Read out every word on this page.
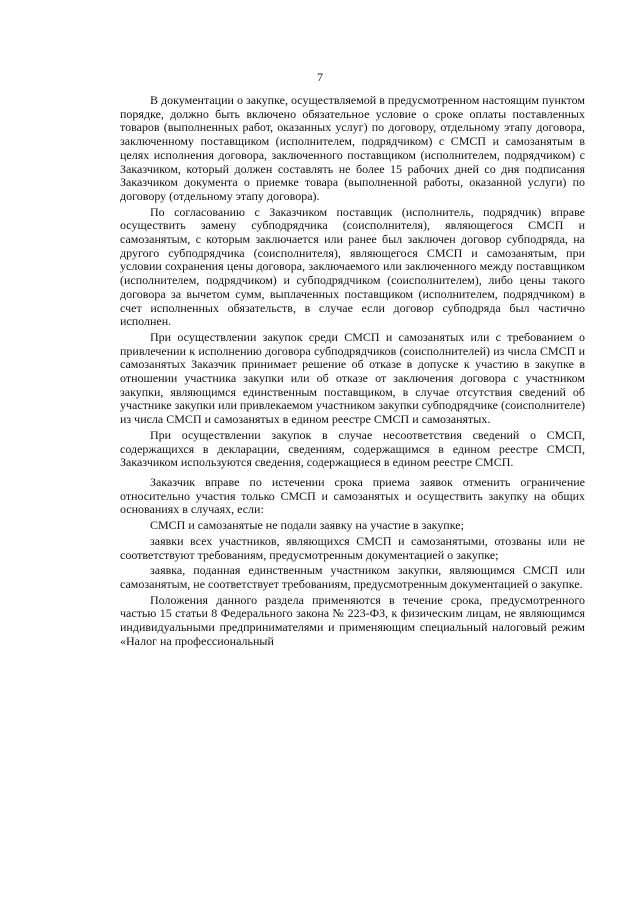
7

В документации о закупке, осуществляемой в предусмотренном настоящим пунктом порядке, должно быть включено обязательное условие о сроке оплаты поставленных товаров (выполненных работ, оказанных услуг) по договору, отдельному этапу договора, заключенному поставщиком (исполнителем, подрядчиком) с СМСП и самозанятым в целях исполнения договора, заключенного поставщиком (исполнителем, подрядчиком) с Заказчиком, который должен составлять не более 15 рабочих дней со дня подписания Заказчиком документа о приемке товара (выполненной работы, оказанной услуги) по договору (отдельному этапу договора).

По согласованию с Заказчиком поставщик (исполнитель, подрядчик) вправе осуществить замену субподрядчика (соисполнителя), являющегося СМСП и самозанятым, с которым заключается или ранее был заключен договор субподряда, на другого субподрядчика (соисполнителя), являющегося СМСП и самозанятым, при условии сохранения цены договора, заключаемого или заключенного между поставщиком (исполнителем, подрядчиком) и субподрядчиком (соисполнителем), либо цены такого договора за вычетом сумм, выплаченных поставщиком (исполнителем, подрядчиком) в счет исполненных обязательств, в случае если договор субподряда был частично исполнен.

При осуществлении закупок среди СМСП и самозанятых или с требованием о привлечении к исполнению договора субподрядчиков (соисполнителей) из числа СМСП и самозанятых Заказчик принимает решение об отказе в допуске к участию в закупке в отношении участника закупки или об отказе от заключения договора с участником закупки, являющимся единственным поставщиком, в случае отсутствия сведений об участнике закупки или привлекаемом участником закупки субподрядчике (соисполнителе) из числа СМСП и самозанятых в едином реестре СМСП и самозанятых.

При осуществлении закупок в случае несоответствия сведений о СМСП, содержащихся в декларации, сведениям, содержащимся в едином реестре СМСП, Заказчиком используются сведения, содержащиеся в едином реестре СМСП.

Заказчик вправе по истечении срока приема заявок отменить ограничение относительно участия только СМСП и самозанятых и осуществить закупку на общих основаниях в случаях, если:

СМСП и самозанятые не подали заявку на участие в закупке;

заявки всех участников, являющихся СМСП и самозанятыми, отозваны или не соответствуют требованиям, предусмотренным документацией о закупке;

заявка, поданная единственным участником закупки, являющимся СМСП или самозанятым, не соответствует требованиям, предусмотренным документацией о закупке.

Положения данного раздела применяются в течение срока, предусмотренного частью 15 статьи 8 Федерального закона № 223-ФЗ, к физическим лицам, не являющимся индивидуальными предпринимателями и применяющим специальный налоговый режим «Налог на профессиональный
